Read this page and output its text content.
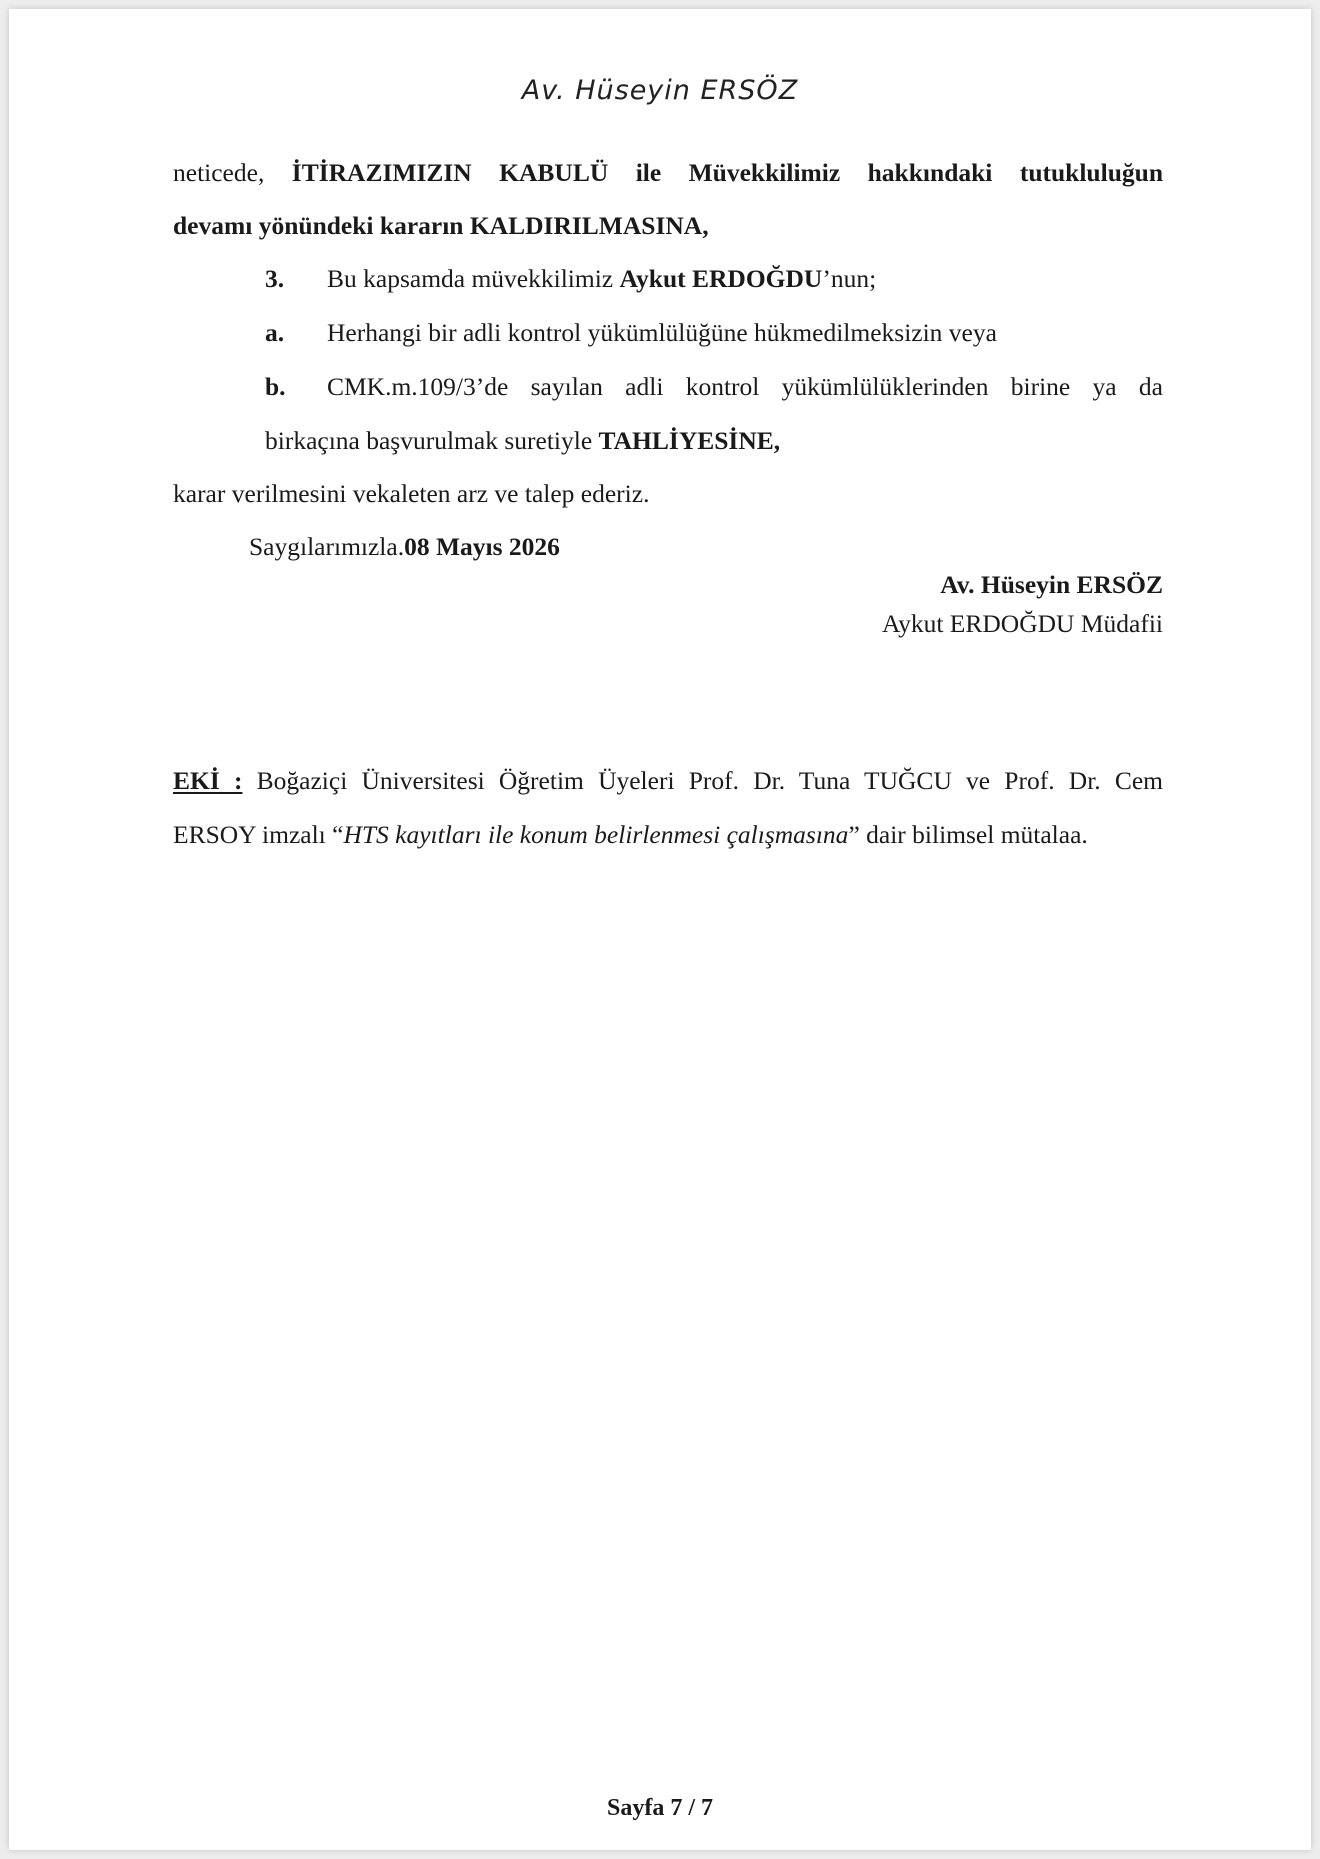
Av. Hüseyin ERSÖZ
neticede, İTİRAZIMIZIN KABULÜ ile Müvekkilimiz hakkındaki tutukluluğun
devamı yönündeki kararın KALDIRILMASINA,
3. Bu kapsamda müvekkilimiz Aykut ERDOĞDU’nun;
a. Herhangi bir adli kontrol yükümlülüğüne hükmedilmeksizin veya
b. CMK.m.109/3’de sayılan adli kontrol yükümlülüklerinden birine ya da
birkaçına başvurulmak suretiyle TAHLİYESİNE,
karar verilmesini vekaleten arz ve talep ederiz.
Saygılarımızla.08 Mayıs 2026
Av. Hüseyin ERSÖZ
Aykut ERDOĞDU Müdafii
EKİ : Boğaziçi Üniversitesi Öğretim Üyeleri Prof. Dr. Tuna TUĞCU ve Prof. Dr. Cem
ERSOY imzalı “HTS kayıtları ile konum belirlenmesi çalışmasına” dair bilimsel mütalaa.
Sayfa 7 / 7
